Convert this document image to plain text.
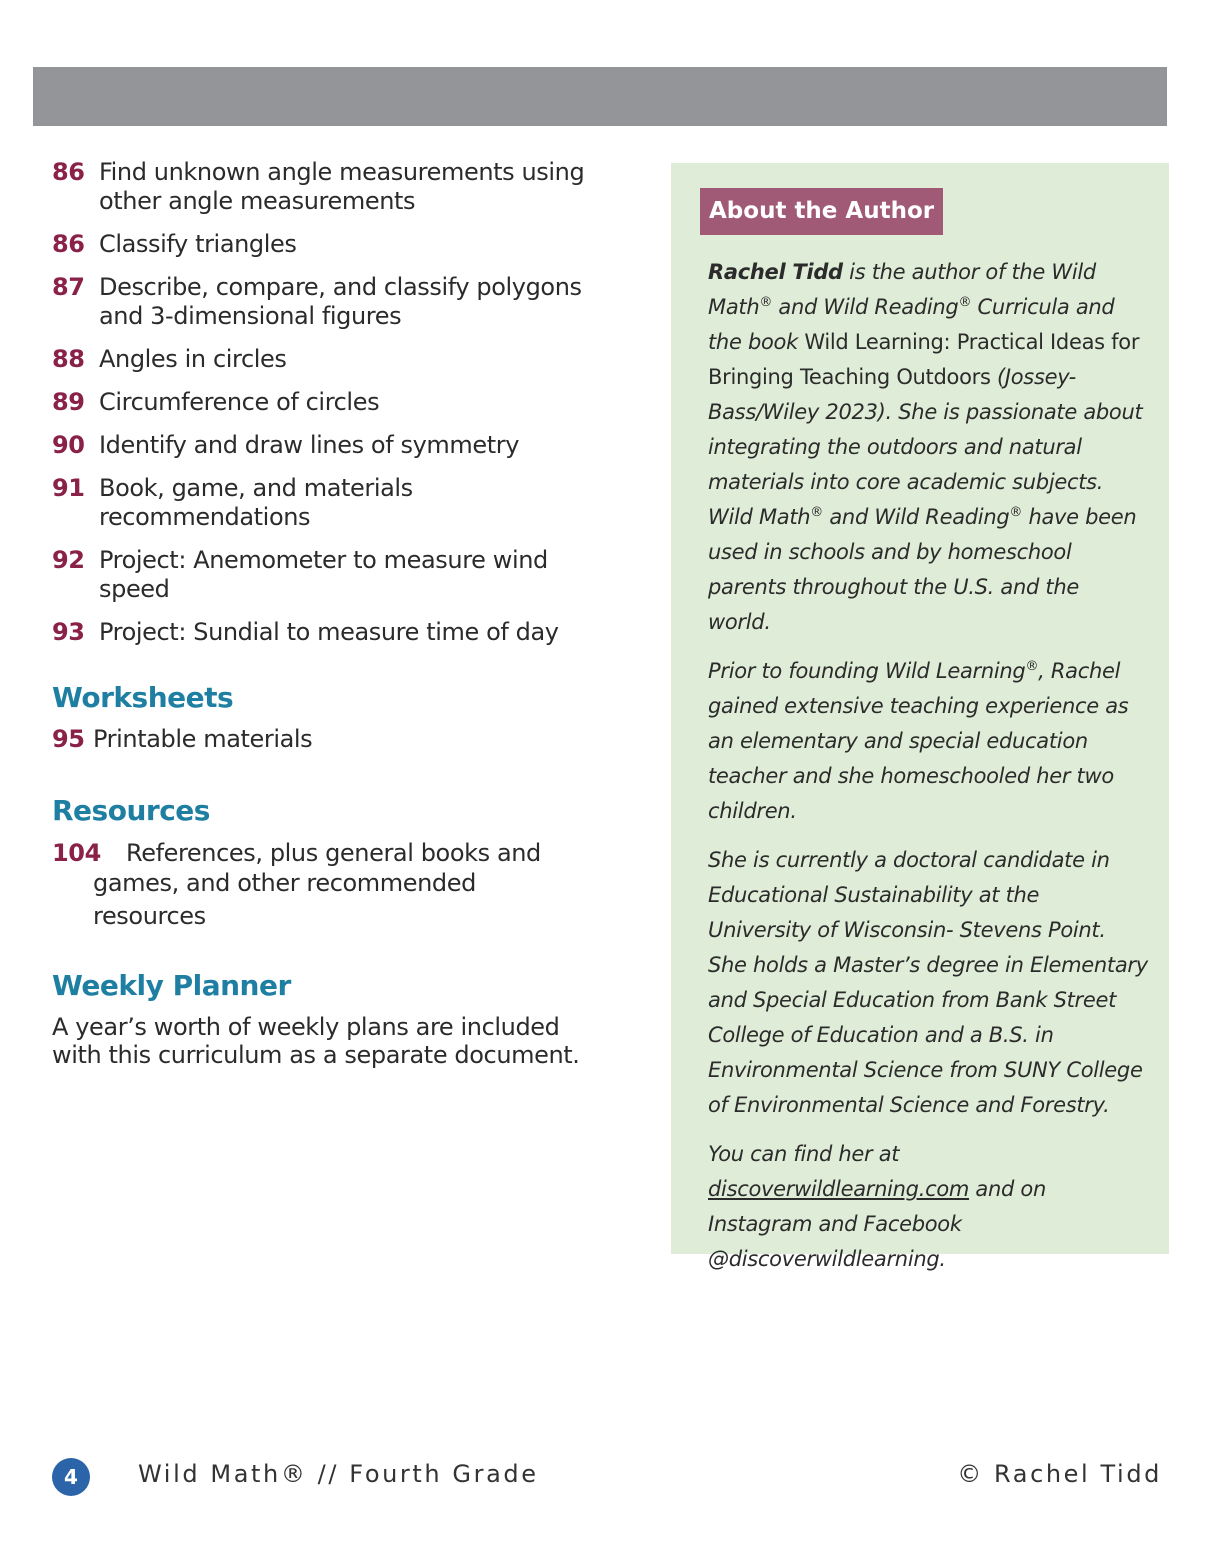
86 Find unknown angle measurements using other angle measurements
86 Classify triangles
87 Describe, compare, and classify polygons and 3-dimensional figures
88 Angles in circles
89 Circumference of circles
90 Identify and draw lines of symmetry
91 Book, game, and materials recommendations
92 Project: Anemometer to measure wind speed
93 Project: Sundial to measure time of day
Worksheets
95 Printable materials
Resources
104 References, plus general books and
games, and other recommended
resources
Weekly Planner

A year’s worth of weekly plans are included with this curriculum as a separate document.

About the Author

Rachel Tidd is the author of the Wild Math® and Wild Reading® Curricula and the book Wild Learning: Practical Ideas for Bringing Teaching Outdoors (Jossey-Bass/Wiley 2023). She is passionate about integrating the outdoors and natural materials into core academic subjects. Wild Math® and Wild Reading® have been used in schools and by homeschool parents throughout the U.S. and the world.

Prior to founding Wild Learning®, Rachel gained extensive teaching experience as an elementary and special education teacher and she homeschooled her two children.

She is currently a doctoral candidate in Educational Sustainability at the University of Wisconsin- Stevens Point. She holds a Master’s degree in Elementary and Special Education from Bank Street College of Education and a B.S. in Environmental Science from SUNY College of Environmental Science and Forestry.

You can find her at discoverwildlearning.com and on Instagram and Facebook @discoverwildlearning.

4	Wild Math® // Fourth Grade	© Rachel Tidd
